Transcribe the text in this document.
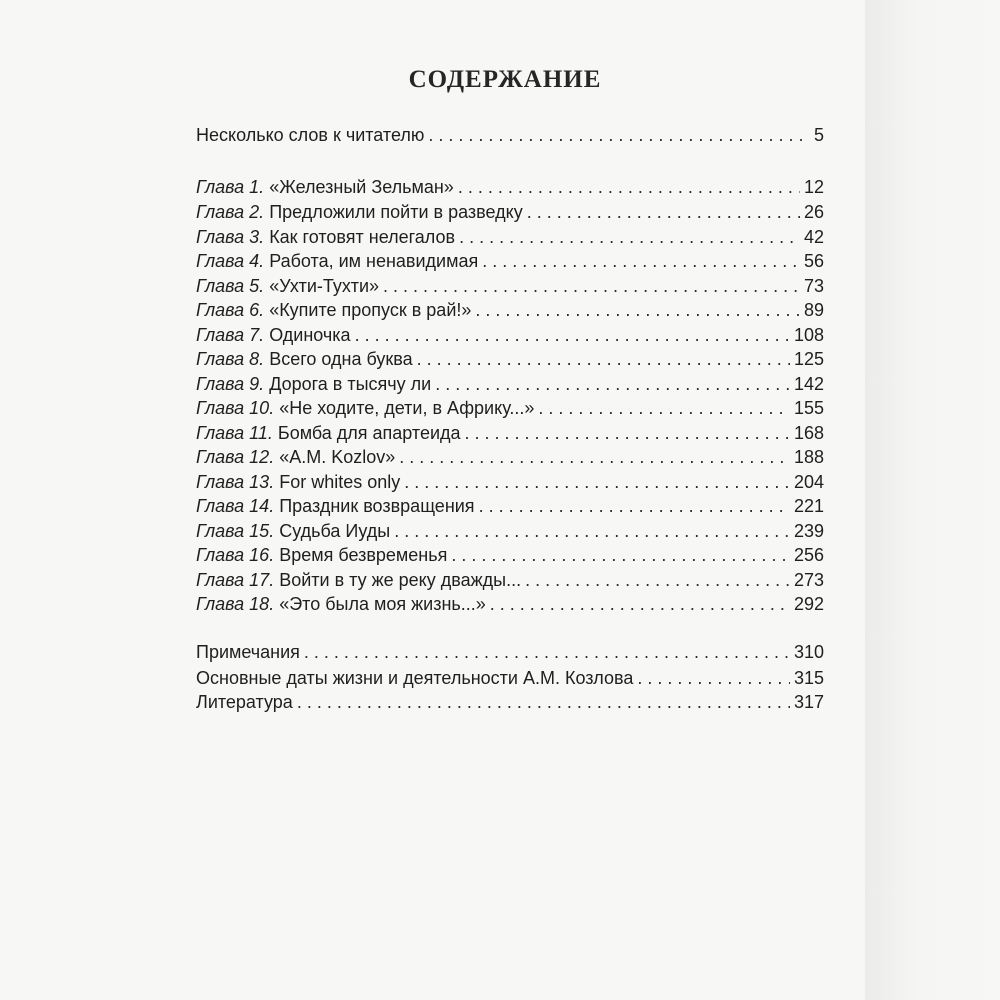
СОДЕРЖАНИЕ
Несколько слов к читателю . . .	5
Глава 1. «Железный Зельман» . . .	12
Глава 2. Предложили пойти в разведку . . .	26
Глава 3. Как готовят нелегалов . . .	42
Глава 4. Работа, им ненавидимая . . .	56
Глава 5. «Ухти-Тухти» . . .	73
Глава 6. «Купите пропуск в рай!» . . .	89
Глава 7. Одиночка . . .	108
Глава 8. Всего одна буква . . .	125
Глава 9. Дорога в тысячу ли . . .	142
Глава 10. «Не ходите, дети, в Африку...» . . .	155
Глава 11. Бомба для апартеида . . .	168
Глава 12. «A.M. Kozlov» . . .	188
Глава 13. For whites only . . .	204
Глава 14. Праздник возвращения . . .	221
Глава 15. Судьба Иуды . . .	239
Глава 16. Время безвременья . . .	256
Глава 17. Войти в ту же реку дважды... . . .	273
Глава 18. «Это была моя жизнь...» . . .	292
Примечания . . .	310
Основные даты жизни и деятельности А.М. Козлова . . .	315
Литература . . .	317
